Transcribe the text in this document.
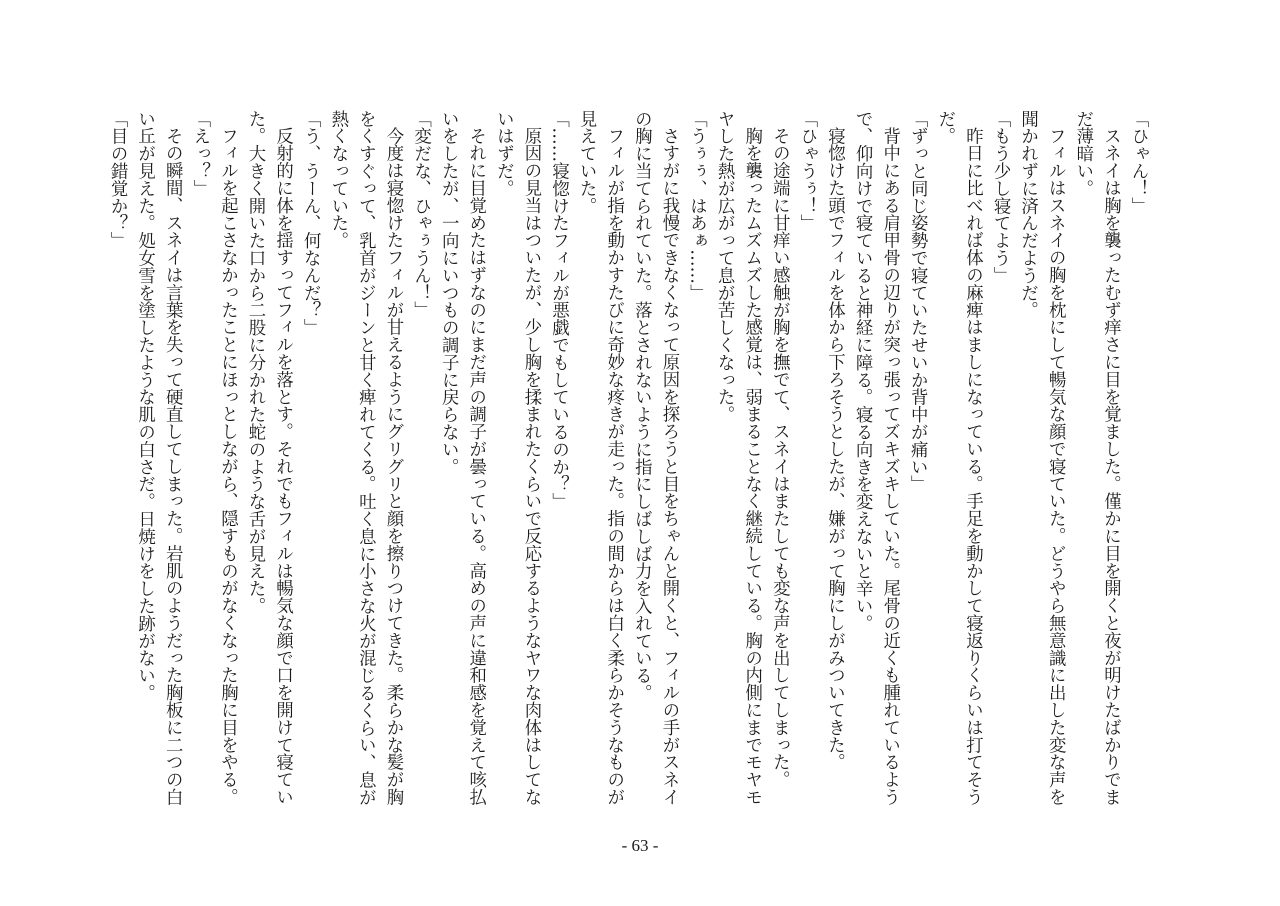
「ひゃん！」
スネイは胸を襲ったむず痒さに目を覚ました。僅かに目を開くと夜が明けたばかりでま
だ薄暗い。
フィルはスネイの胸を枕にして暢気な顔で寝ていた。どうやら無意識に出した変な声を
聞かれずに済んだようだ。
「もう少し寝てよう」
昨日に比べれば体の麻痺はましになっている。手足を動かして寝返りくらいは打てそう
だ。
「ずっと同じ姿勢で寝ていたせいか背中が痛い」
背中にある肩甲骨の辺りが突っ張ってズキズキしていた。尾骨の近くも腫れているよう
で、仰向けで寝ていると神経に障る。寝る向きを変えないと辛い。
寝惚けた頭でフィルを体から下ろそうとしたが、嫌がって胸にしがみついてきた。
「ひゃうぅ！」
その途端に甘痒い感触が胸を撫でて、スネイはまたしても変な声を出してしまった。
胸を襲ったムズムズした感覚は、弱まることなく継続している。胸の内側にまでモヤモ
ヤした熱が広がって息が苦しくなった。
「うぅぅ、はあぁ……」
さすがに我慢できなくなって原因を探ろうと目をちゃんと開くと、フィルの手がスネイ
の胸に当てられていた。落とされないように指にしばしば力を入れている。
フィルが指を動かすたびに奇妙な疼きが走った。指の間からは白く柔らかそうなものが
見えていた。
「……寝惚けたフィルが悪戯でもしているのか？」
原因の見当はついたが、少し胸を揉まれたくらいで反応するようなヤワな肉体はしてな
いはずだ。
それに目覚めたはずなのにまだ声の調子が曇っている。高めの声に違和感を覚えて咳払
いをしたが、一向にいつもの調子に戻らない。
「変だな、ひゃぅうん！」
今度は寝惚けたフィルが甘えるようにグリグリと顔を擦りつけてきた。柔らかな髪が胸
をくすぐって、乳首がジーンと甘く痺れてくる。吐く息に小さな火が混じるくらい、息が
熱くなっていた。
「う、うーん、何なんだ？」
反射的に体を揺すってフィルを落とす。それでもフィルは暢気な顔で口を開けて寝てい
た。大きく開いた口から二股に分かれた蛇のような舌が見えた。
フィルを起こさなかったことにほっとしながら、隠すものがなくなった胸に目をやる。
「えっ？」
その瞬間、スネイは言葉を失って硬直してしまった。岩肌のようだった胸板に二つの白
い丘が見えた。処女雪を塗したような肌の白さだ。日焼けをした跡がない。
「目の錯覚か？」
- 63 -
